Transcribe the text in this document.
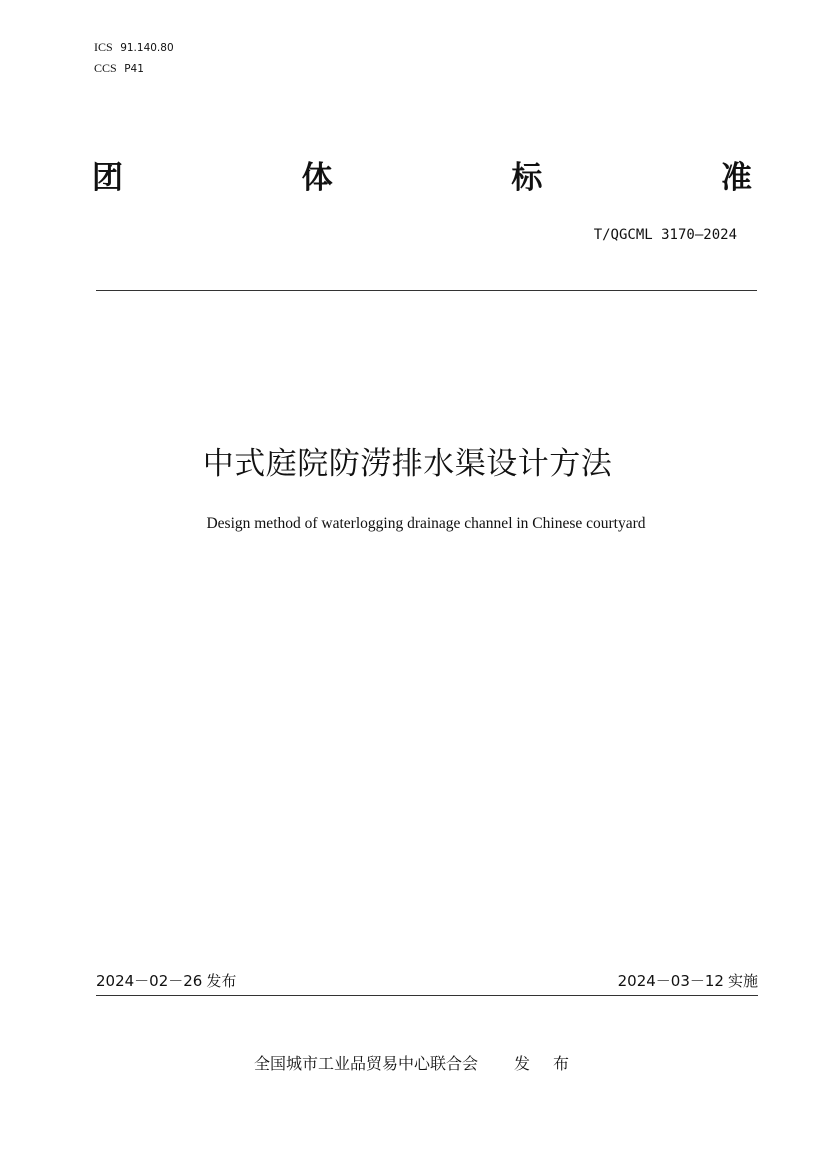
ICS 91.140.80
CCS P41
团	体	标	准
T/QGCML 3170—2024
中式庭院防涝排水渠设计方法
Design method of waterlogging drainage channel in Chinese courtyard
2024－02－26 发布	2024－03－12 实施
全国城市工业品贸易中心联合会 发 布
